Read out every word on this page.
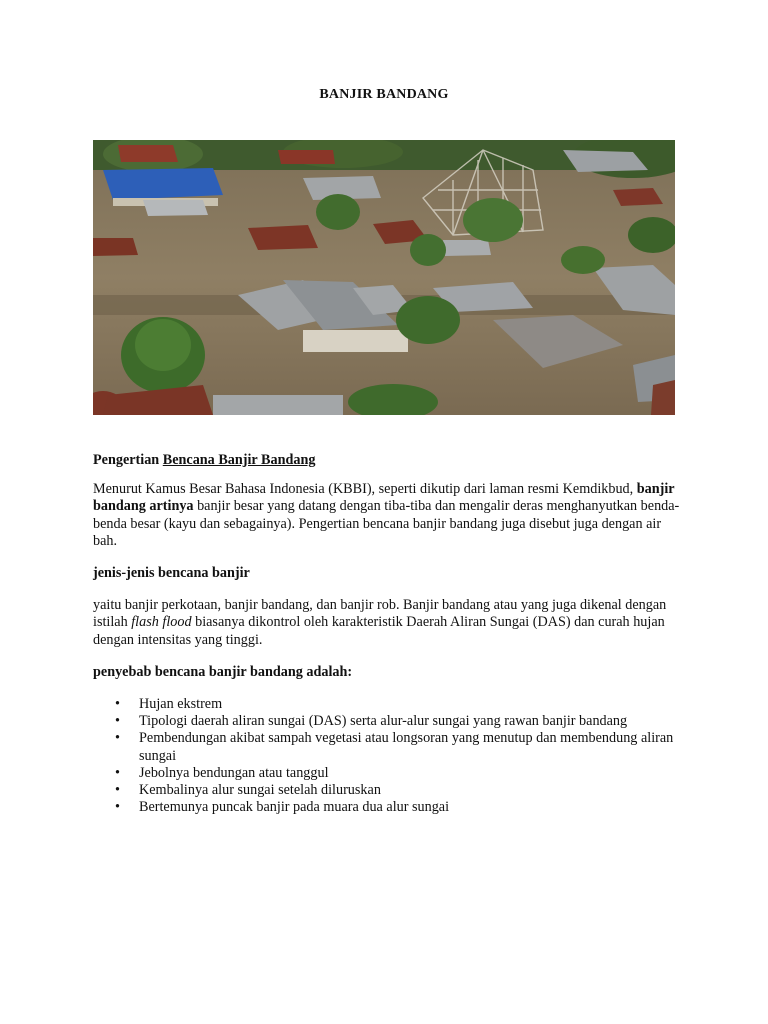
BANJIR BANDANG

Pengertian Bencana Banjir Bandang

Menurut Kamus Besar Bahasa Indonesia (KBBI), seperti dikutip dari laman resmi Kemdikbud, banjir bandang artinya banjir besar yang datang dengan tiba-tiba dan mengalir deras menghanyutkan benda-benda besar (kayu dan sebagainya). Pengertian bencana banjir bandang juga disebut juga dengan air bah.

jenis-jenis bencana banjir

yaitu banjir perkotaan, banjir bandang, dan banjir rob. Banjir bandang atau yang juga dikenal dengan istilah flash flood biasanya dikontrol oleh karakteristik Daerah Aliran Sungai (DAS) dan curah hujan dengan intensitas yang tinggi.

penyebab bencana banjir bandang adalah:

• Hujan ekstrem
• Tipologi daerah aliran sungai (DAS) serta alur-alur sungai yang rawan banjir bandang
• Pembendungan akibat sampah vegetasi atau longsoran yang menutup dan membendung aliran sungai
• Jebolnya bendungan atau tanggul
• Kembalinya alur sungai setelah diluruskan
• Bertemunya puncak banjir pada muara dua alur sungai
